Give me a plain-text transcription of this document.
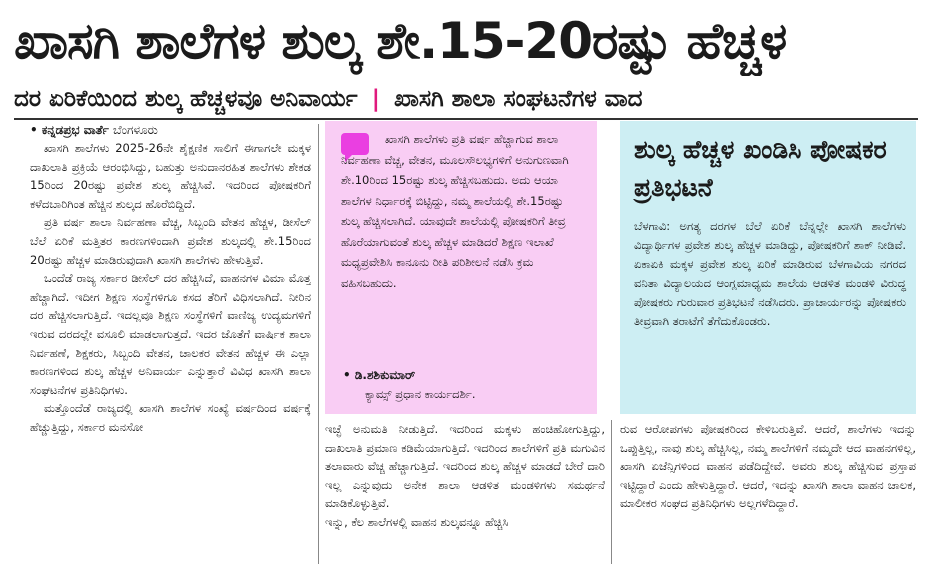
ಖಾಸಗಿ ಶಾಲೆಗಳ ಶುಲ್ಕ ಶೇ.15-20ರಷ್ಟು ಹೆಚ್ಚಳ
ದರ ಏರಿಕೆಯಿಂದ ಶುಲ್ಕ ಹೆಚ್ಚಳವೂ ಅನಿವಾರ್ಯ | ಖಾಸಗಿ ಶಾಲಾ ಸಂಘಟನೆಗಳ ವಾದ
• ಕನ್ನಡಪ್ರಭ ವಾರ್ತೆ ಬೆಂಗಳೂರು

ಖಾಸಗಿ ಶಾಲೆಗಳು 2025-26ನೇ ಶೈಕ್ಷಣಿಕ ಸಾಲಿಗೆ ಈಗಾಗಲೇ ಮಕ್ಕಳ ದಾಖಲಾತಿ ಪ್ರಕ್ರಿಯೆ ಆರಂಭಿಸಿದ್ದು, ಬಹುತ್ತು ಅನುದಾನರಹಿತ ಶಾಲೆಗಳು ಶೇಕಡ 15ರಿಂದ 20ರಷ್ಟು ಪ್ರವೇಶ ಶುಲ್ಕ ಹೆಚ್ಚಿಸಿವೆ. ಇದರಿಂದ ಪೋಷಕರಿಗೆ ಕಳೆದಬಾರಿಗಿಂತ ಹೆಚ್ಚಿನ ಶುಲ್ಕದ ಹೊರೆಬಿದ್ದಿದೆ.

ಪ್ರತಿ ವರ್ಷ ಶಾಲಾ ನಿರ್ವಹಣಾ ವೆಚ್ಚ, ಸಿಬ್ಬಂದಿ ವೇತನ ಹೆಚ್ಚಳ, ಡೀಸೆಲ್ ಬೆಲೆ ಏರಿಕೆ ಮತ್ತಿತರ ಕಾರಣಗಳಿಂದಾಗಿ ಪ್ರವೇಶ ಶುಲ್ಕದಲ್ಲಿ ಶೇ.15ರಿಂದ 20ರಷ್ಟು ಹೆಚ್ಚಳ ಮಾಡಿರುವುದಾಗಿ ಖಾಸಗಿ ಶಾಲೆಗಳು ಹೇಳುತ್ತಿವೆ.

ಒಂದೆಡೆ ರಾಜ್ಯ ಸರ್ಕಾರ ಡೀಸೆಲ್ ದರ ಹೆಚ್ಚಿಸಿದೆ, ವಾಹನಗಳ ವಿಮಾ ಮೊತ್ತ ಹೆಚ್ಚಾಗಿದೆ. ಇದೀಗ ಶಿಕ್ಷಣ ಸಂಸ್ಥೆಗಳಿಗೂ ಕಸದ ತೆರಿಗೆ ವಿಧಿಸಲಾಗಿದೆ. ನೀರಿನ ದರ ಹೆಚ್ಚಿಸಲಾಗುತ್ತಿದೆ. ಇದಲ್ಲವೂ ಶಿಕ್ಷಣ ಸಂಸ್ಥೆಗಳಿಗೆ ವಾಣಿಜ್ಯ ಉದ್ಯಮಗಳಿಗೆ ಇರುವ ದರದಲ್ಲೇ ವಸೂಲಿ ಮಾಡಲಾಗುತ್ತದೆ. ಇದರ ಜೊತೆಗೆ ವಾರ್ಷಿಕ ಶಾಲಾ ನಿರ್ವಹಣೆ, ಶಿಕ್ಷಕರು, ಸಿಬ್ಬಂದಿ ವೇತನ, ಚಾಲಕರ ವೇತನ ಹೆಚ್ಚಳ ಈ ಎಲ್ಲಾ ಕಾರಣಗಳಿಂದ ಶುಲ್ಕ ಹೆಚ್ಚಳ ಅನಿವಾರ್ಯ ಎನ್ನುತ್ತಾರೆ ವಿವಿಧ ಖಾಸಗಿ ಶಾಲಾ ಸಂಘಟನೆಗಳ ಪ್ರತಿನಿಧಿಗಳು.

ಮತ್ತೊಂದೆಡೆ ರಾಜ್ಯದಲ್ಲಿ ಖಾಸಗಿ ಶಾಲೆಗಳ ಸಂಖ್ಯೆ ವರ್ಷದಿಂದ ವರ್ಷಕ್ಕೆ ಹೆಚ್ಚುತ್ತಿದ್ದು, ಸರ್ಕಾರ ಮನಸೋ

ಖಾಸಗಿ ಶಾಲೆಗಳು ಪ್ರತಿ ವರ್ಷ ಹೆಚ್ಚಾಗುವ ಶಾಲಾ ನಿರ್ವಹಣಾ ವೆಚ್ಚ, ವೇತನ, ಮೂಲಸೌಲಭ್ಯಗಳಿಗೆ ಅನುಗುಣವಾಗಿ ಶೇ.10ರಿಂದ 15ರಷ್ಟು ಶುಲ್ಕ ಹೆಚ್ಚಿಸಬಹುದು. ಅದು ಆಯಾ ಶಾಲೆಗಳ ನಿರ್ಧಾರಕ್ಕೆ ಬಿಟ್ಟಿದ್ದು, ನಮ್ಮ ಶಾಲೆಯಲ್ಲಿ ಶೇ.15ರಷ್ಟು ಶುಲ್ಕ ಹೆಚ್ಚಿಸಲಾಗಿದೆ. ಯಾವುದೇ ಶಾಲೆಯಲ್ಲಿ ಪೋಷಕರಿಗೆ ತೀವ್ರ ಹೊರೆಯಾಗುವಂತೆ ಶುಲ್ಕ ಹೆಚ್ಚಳ ಮಾಡಿದರೆ ಶಿಕ್ಷಣ ಇಲಾಖೆ ಮಧ್ಯಪ್ರವೇಶಿಸಿ ಕಾನೂನು ರೀತಿ ಪರಿಶೀಲನೆ ನಡೆಸಿ ಕ್ರಮ ವಹಿಸಬಹುದು.
• ಡಿ.ಶಶಿಕುಮಾರ್
ಕ್ಯಾಮ್ಸ್ ಪ್ರಧಾನ ಕಾರ್ಯದರ್ಶಿ.
ಶುಲ್ಕ ಹೆಚ್ಚಳ ಖಂಡಿಸಿ ಪೋಷಕರ ಪ್ರತಿಭಟನೆ
ಬೆಳಗಾವಿ: ಅಗತ್ಯ ದರಗಳ ಬೆಲೆ ಏರಿಕೆ ಬೆನ್ನಲ್ಲೇ ಖಾಸಗಿ ಶಾಲೆಗಳು ವಿದ್ಯಾರ್ಥಿಗಳ ಪ್ರವೇಶ ಶುಲ್ಕ ಹೆಚ್ಚಳ ಮಾಡಿದ್ದು, ಪೋಷಕರಿಗೆ ಶಾಕ್ ನೀಡಿವೆ. ಏಕಾಏಕಿ ಮಕ್ಕಳ ಪ್ರವೇಶ ಶುಲ್ಕ ಏರಿಕೆ ಮಾಡಿರುವ ಬೆಳಗಾವಿಯ ನಗರದ ವನಿತಾ ವಿದ್ಯಾಲಯದ ಆಂಗ್ಲಮಾಧ್ಯಮ ಶಾಲೆಯ ಆಡಳಿತ ಮಂಡಳಿ ವಿರುದ್ಧ ಪೋಷಕರು ಗುರುವಾರ ಪ್ರತಿಭಟನೆ ನಡೆಸಿದರು. ಪ್ರಾಚಾರ್ಯರನ್ನು ಪೋಷಕರು ತೀವ್ರವಾಗಿ ತರಾಟೆಗೆ ತೆಗೆದುಕೊಂಡರು.
ಇಚ್ಛೆ ಅನುಮತಿ ನೀಡುತ್ತಿದೆ. ಇದರಿಂದ ಮಕ್ಕಳು ಹಂಚಿಹೋಗುತ್ತಿದ್ದು, ದಾಖಲಾತಿ ಪ್ರಮಾಣ ಕಡಿಮೆಯಾಗುತ್ತಿದೆ. ಇದರಿಂದ ಶಾಲೆಗಳಿಗೆ ಪ್ರತಿ ಮಗುವಿನ ತಲಾವಾರು ವೆಚ್ಚ ಹೆಚ್ಚಾಗುತ್ತಿದೆ. ಇದರಿಂದ ಶುಲ್ಕ ಹೆಚ್ಚಳ ಮಾಡದೆ ಬೇರೆ ದಾರಿ ಇಲ್ಲ ಎನ್ನುವುದು ಅನೇಕ ಶಾಲಾ ಆಡಳಿತ ಮಂಡಳಿಗಳು ಸಮರ್ಥನೆ ಮಾಡಿಕೊಳ್ಳುತ್ತಿವೆ.
ಇನ್ನು, ಕೆಲ ಶಾಲೆಗಳಲ್ಲಿ ವಾಹನ ಶುಲ್ಕವನ್ನೂ ಹೆಚ್ಚಿಸಿ
ರುವ ಆರೋಪಗಳು ಪೋಷಕರಿಂದ ಕೇಳಿಬರುತ್ತಿವೆ. ಆದರೆ, ಶಾಲೆಗಳು ಇದನ್ನು ಒಪ್ಪುತ್ತಿಲ್ಲ, ನಾವು ಶುಲ್ಕ ಹೆಚ್ಚಿಸಿಲ್ಲ, ನಮ್ಮ ಶಾಲೆಗಳಿಗೆ ನಮ್ಮದೇ ಆದ ವಾಹನಗಳಿಲ್ಲ, ಖಾಸಗಿ ಏಜೆನ್ಸಿಗಳಿಂದ ವಾಹನ ಪಡೆದಿದ್ದೇವೆ. ಅವರು ಶುಲ್ಕ ಹೆಚ್ಚಿಸುವ ಪ್ರಸ್ತಾಪ ಇಟ್ಟಿದ್ದಾರೆ ಎಂದು ಹೇಳುತ್ತಿದ್ದಾರೆ. ಆದರೆ, ಇದನ್ನು ಖಾಸಗಿ ಶಾಲಾ ವಾಹನ ಚಾಲಕ, ಮಾಲೀಕರ ಸಂಘದ ಪ್ರತಿನಿಧಿಗಳು ಅಲ್ಲಗಳೆದಿದ್ದಾರೆ.
